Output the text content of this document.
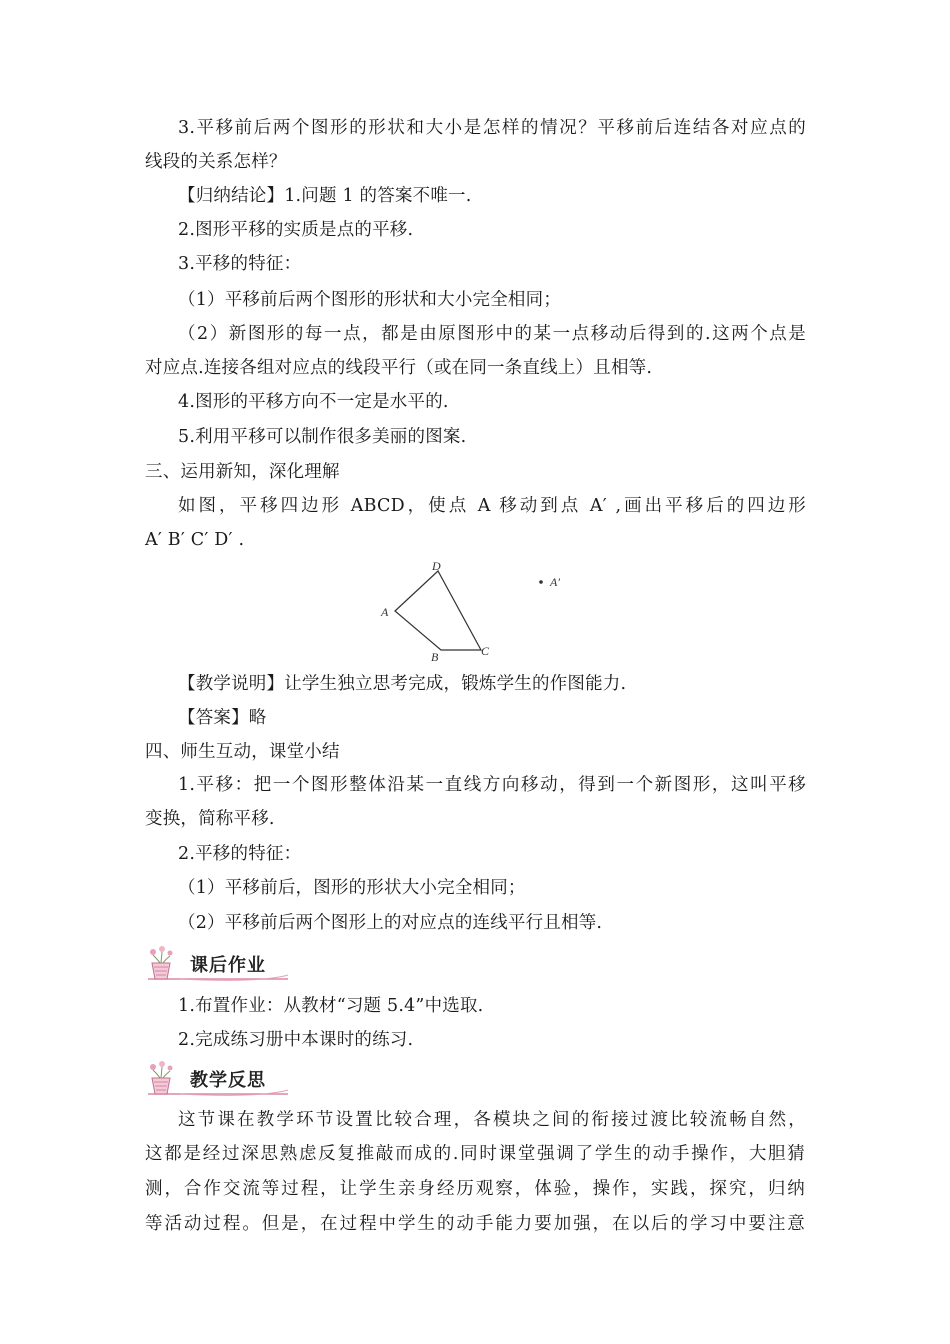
3.平移前后两个图形的形状和大小是怎样的情况？平移前后连结各对应点的
线段的关系怎样？
【归纳结论】1.问题 1 的答案不唯一.
2.图形平移的实质是点的平移.
3.平移的特征：
（1）平移前后两个图形的形状和大小完全相同；
（2）新图形的每一点，都是由原图形中的某一点移动后得到的.这两个点是
对应点.连接各组对应点的线段平行（或在同一条直线上）且相等.
4.图形的平移方向不一定是水平的.
5.利用平移可以制作很多美丽的图案.
三、运用新知，深化理解
如图，平移四边形 ABCD，使点 A 移动到点 A′ ,画出平移后的四边形
A′ B′ C′ D′ .
A
D
B	C
A′
【教学说明】让学生独立思考完成，锻炼学生的作图能力.
【答案】略
四、师生互动，课堂小结
1.平移：把一个图形整体沿某一直线方向移动，得到一个新图形，这叫平移
变换，简称平移.
2.平移的特征：
（1）平移前后，图形的形状大小完全相同；
（2）平移前后两个图形上的对应点的连线平行且相等.
课后作业
1.布置作业：从教材“习题 5.4”中选取.
2.完成练习册中本课时的练习.
教学反思
这节课在教学环节设置比较合理，各模块之间的衔接过渡比较流畅自然，
这都是经过深思熟虑反复推敲而成的.同时课堂强调了学生的动手操作，大胆猜
测，合作交流等过程，让学生亲身经历观察，体验，操作，实践，探究，归纳
等活动过程。但是，在过程中学生的动手能力要加强，在以后的学习中要注意
